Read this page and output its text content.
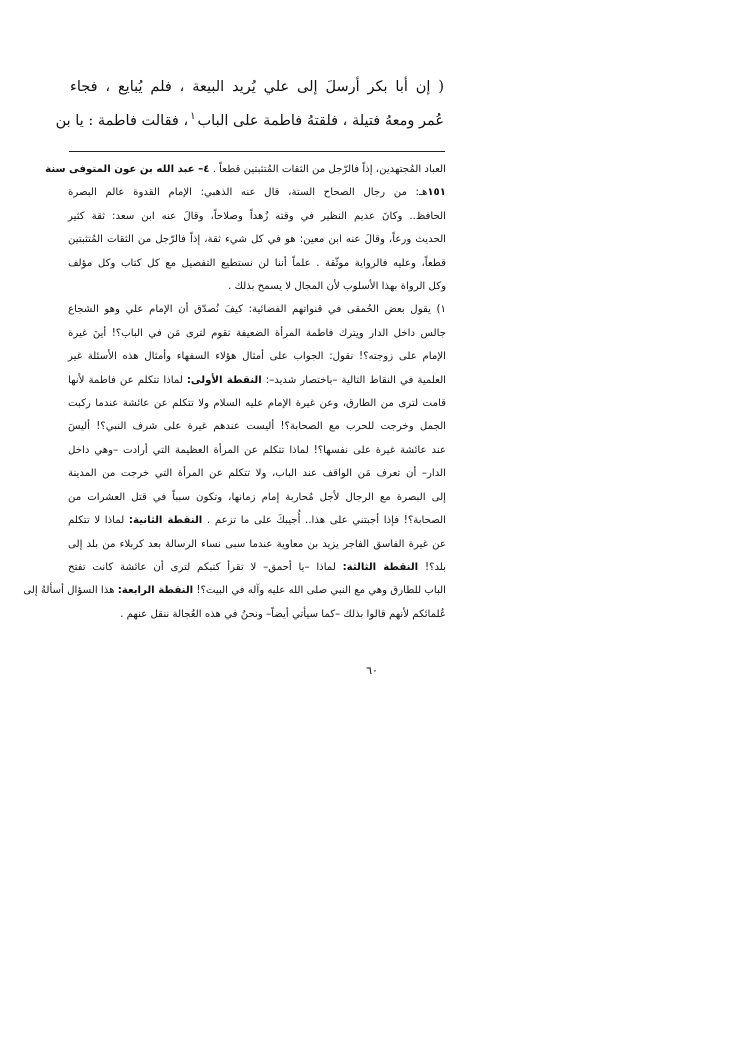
( إن أبا بكر أرسلَ إلى علي يُريد البيعة ، فلم يُبايع ، فجاء
عُمر ومعهُ فتيلة ، فلقتهُ فاطمة على الباب$^١$، فقالت فاطمة : يا بن
العباد المُجتهدين، إذاً فالرّجل من الثقات المُتثبتين قطعاً . ٤– عبد الله بن عون المتوفى سنة
١٥١هـ: من رجال الصحاح الستة، قال عنه الذهبي: الإمام القدوة عالم البصرة
الحافظ.. وكانَ عديم النظير في وقته زُهداً وصلاحاً، وقالَ عنه ابن سعد: ثقة كثير
الحديث ورعاً، وقالَ عنه ابن معين: هو في كل شيء ثقة، إذاً فالرّجل من الثقات المُتثبتين
قطعاً، وعليه فالرواية موثّقة . علماً أننا لن نستطيع التفصيل مع كل كتاب وكل مؤلف
وكل الرواة بهذا الأسلوب لأن المجال لا يسمح بذلك .
١) يقول بعض الحُمقى في قنواتهم الفضائية: كيفَ نُصدّق أن الإمام علي وهو الشجاع
جالس داخل الدار ويترك فاطمة المرأة الضعيفة تقوم لترى مَن في الباب؟! أينَ غيرة
الإمام على زوجته؟! نقول: الجواب على أمثال هؤلاء السفهاء وأمثال هذه الأسئلة غير
العلمية في النقاط التالية –باختصار شديد–: النقطة الأولى: لماذا تتكلم عن فاطمة لأنها
قامت لترى من الطارق، وعن غيرة الإمام عليه السلام ولا تتكلم عن عائشة عندما ركبت
الجمل وخرجت للحرب مع الصحابة؟! أليست عندهم غيرة على شرف النبي؟! أليسَ
عند عائشة غيرة على نفسها؟! لماذا تتكلم عن المرأة العظيمة التي أرادت –وهي داخل
الدار– أن تعرف مَن الواقف عند الباب، ولا تتكلم عن المرأة التي خرجت من المدينة
إلى البصرة مع الرجال لأجل مُحاربة إمام زمانها، وتكون سبباً في قتل العشرات من
الصحابة؟! فإذا أجبتني على هذا.. أُجيبكَ على ما تزعم . النقطة الثانية: لماذا لا تتكلم
عن غيرة الفاسق الفاجر يزيد بن معاوية عندما سبى نساء الرسالة بعد كربلاء من بلد إلى
بلد؟! النقطة الثالثة: لماذا –يا أحمق– لا تقرأ كتبكم لترى أن عائشة كانت تفتح
الباب للطارق وهي مع النبي صلى الله عليه وآله في البيت؟! النقطة الرابعة: هذا السؤال أسألهُ إلى
عُلمائكم لأنهم قالوا بذلك –كما سيأتي أيضاً– ونحنُ في هذه العُجالة ننقل عنهم .
٦٠
